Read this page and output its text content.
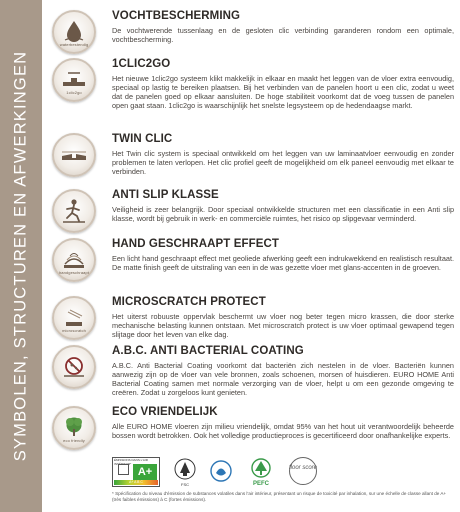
SYMBOLEN, STRUCTUREN EN AFWERKINGEN
waterbestendig
VOCHTBESCHERMING
De vochtwerende tussenlaag en de gesloten clic verbinding garanderen rondom een optimale, vochtbescherming.
1clic2go
1CLIC2GO
Het nieuwe 1clic2go systeem klikt makkelijk in elkaar en maakt het leggen van de vloer extra eenvoudig, speciaal op lastig te bereiken plaatsen. Bij het verbinden van de panelen hoort u een clic, zodat u weet dat de panelen goed op elkaar aansluiten. De hoge stabiliteit voorkomt dat de voeg tussen de panelen open gaat staan. 1clic2go is waarschijnlijk het snelste legsysteem op de hedendaagse markt.
TWIN CLIC
Het Twin clic system is speciaal ontwikkeld om het leggen van uw laminaatvloer eenvoudig en zonder problemen te laten verlopen. Het clic profiel geeft de mogelijkheid om elk paneel eenvoudig met elkaar te verbinden.
ANTI SLIP KLASSE
Veiligheid is zeer belangrijk. Door speciaal ontwikkelde structuren met een classificatie in een Anti slip klasse, wordt bij gebruik in werk- en commerciële ruimtes, het risico op slipgevaar verminderd.
handgeschraapt
HAND GESCHRAAPT EFFECT
Een licht hand geschraapt effect met geoliede afwerking geeft een indrukwekkend en realistisch resultaat. De matte finish geeft de uitstraling van een in de was gezette vloer met glans-accenten in de groeven.
microscratch
MICROSCRATCH PROTECT
Het uiterst robuuste oppervlak beschermt uw vloer nog beter tegen micro krassen, die door sterke mechanische belasting kunnen ontstaan. Met microscratch protect is uw vloer optimaal gewapend tegen slijtage door het leven van elke dag.
A.B.C. ANTI BACTERIAL COATING
A.B.C. Anti Bacterial Coating voorkomt dat bacteriën zich nestelen in de vloer. Bacteriën kunnen aanwezig zijn op de vloer van vele bronnen, zoals schoenen, morsen of huisdieren. EURO HOME Anti Bacterial Coating samen met normale verzorging van de vloer, helpt u om een gezonde omgeving te creëren. Zodat u zorgeloos kunt genieten.
eco friendly
ECO VRIENDELIJK
Alle EURO HOME vloeren zijn milieu vriendelijk, omdat 95% van het hout uit verantwoordelijk beheerde bossen wordt betrokken. Ook het volledige productieproces is gecertificeerd door onafhankelijke experts.
ÉMISSIONS DANS L'AIR INTÉRIEUR*
A+
A+ A B C	FSC	PEFC
floor score
* Spécification du niveau d'émission de substances volatiles dans l'air intérieur, présentant un risque de toxicité par inhalation, sur une échelle de classe allant de A+ (très faibles émissions) à C (fortes émissions).
